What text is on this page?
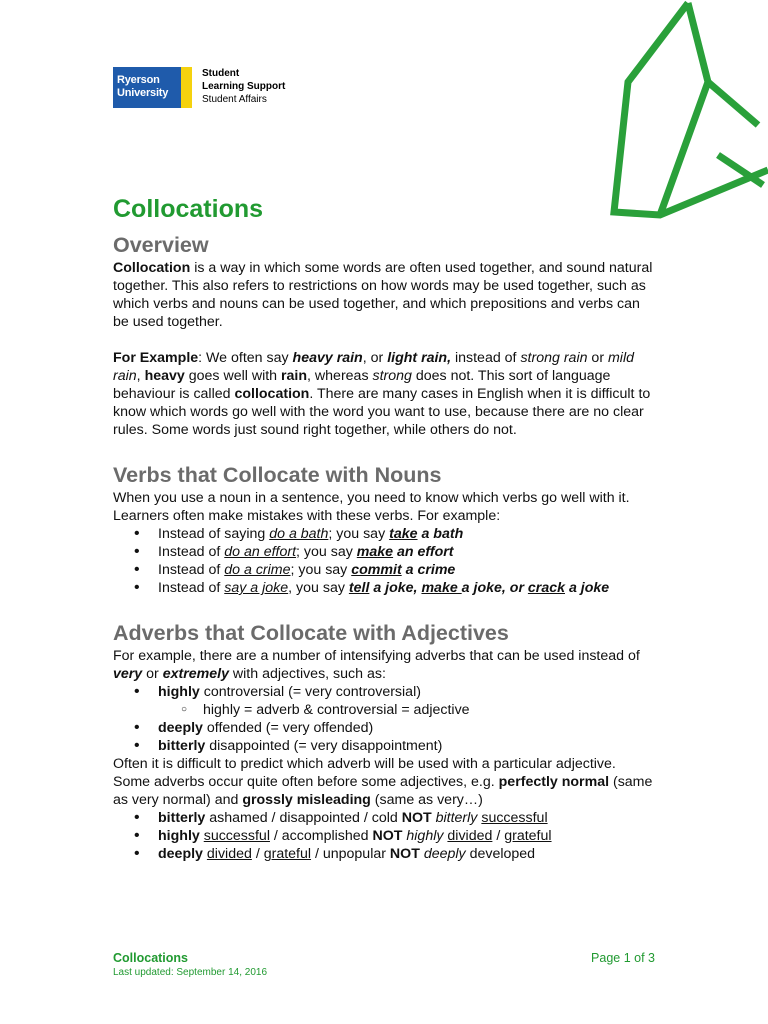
Ryerson
University
Student
Learning Support
Student Affairs
Collocations
Overview

Collocation is a way in which some words are often used together, and sound natural together. This also refers to restrictions on how words may be used together, such as which verbs and nouns can be used together, and which prepositions and verbs can be used together.

For Example: We often say heavy rain, or light rain, instead of strong rain or mild rain, heavy goes well with rain, whereas strong does not. This sort of language behaviour is called collocation. There are many cases in English when it is difficult to know which words go well with the word you want to use, because there are no clear rules. Some words just sound right together, while others do not.

Verbs that Collocate with Nouns

When you use a noun in a sentence, you need to know which verbs go well with it. Learners often make mistakes with these verbs. For example:

• Instead of saying do a bath; you say take a bath
• Instead of do an effort; you say make an effort
• Instead of do a crime; you say commit a crime
• Instead of say a joke, you say tell a joke, make a joke, or crack a joke
Adverbs that Collocate with Adjectives

For example, there are a number of intensifying adverbs that can be used instead of very or extremely with adjectives, such as:

• highly controversial (= very controversial)
○ highly = adverb & controversial = adjective
• deeply offended (= very offended)
• bitterly disappointed (= very disappointment)

Often it is difficult to predict which adverb will be used with a particular adjective. Some adverbs occur quite often before some adjectives, e.g. perfectly normal (same as very normal) and grossly misleading (same as very…)

• bitterly ashamed / disappointed / cold NOT bitterly successful
• highly successful / accomplished NOT highly divided / grateful
• deeply divided / grateful / unpopular NOT deeply developed
Collocations
Last updated: September 14, 2016
Page 1 of 3
